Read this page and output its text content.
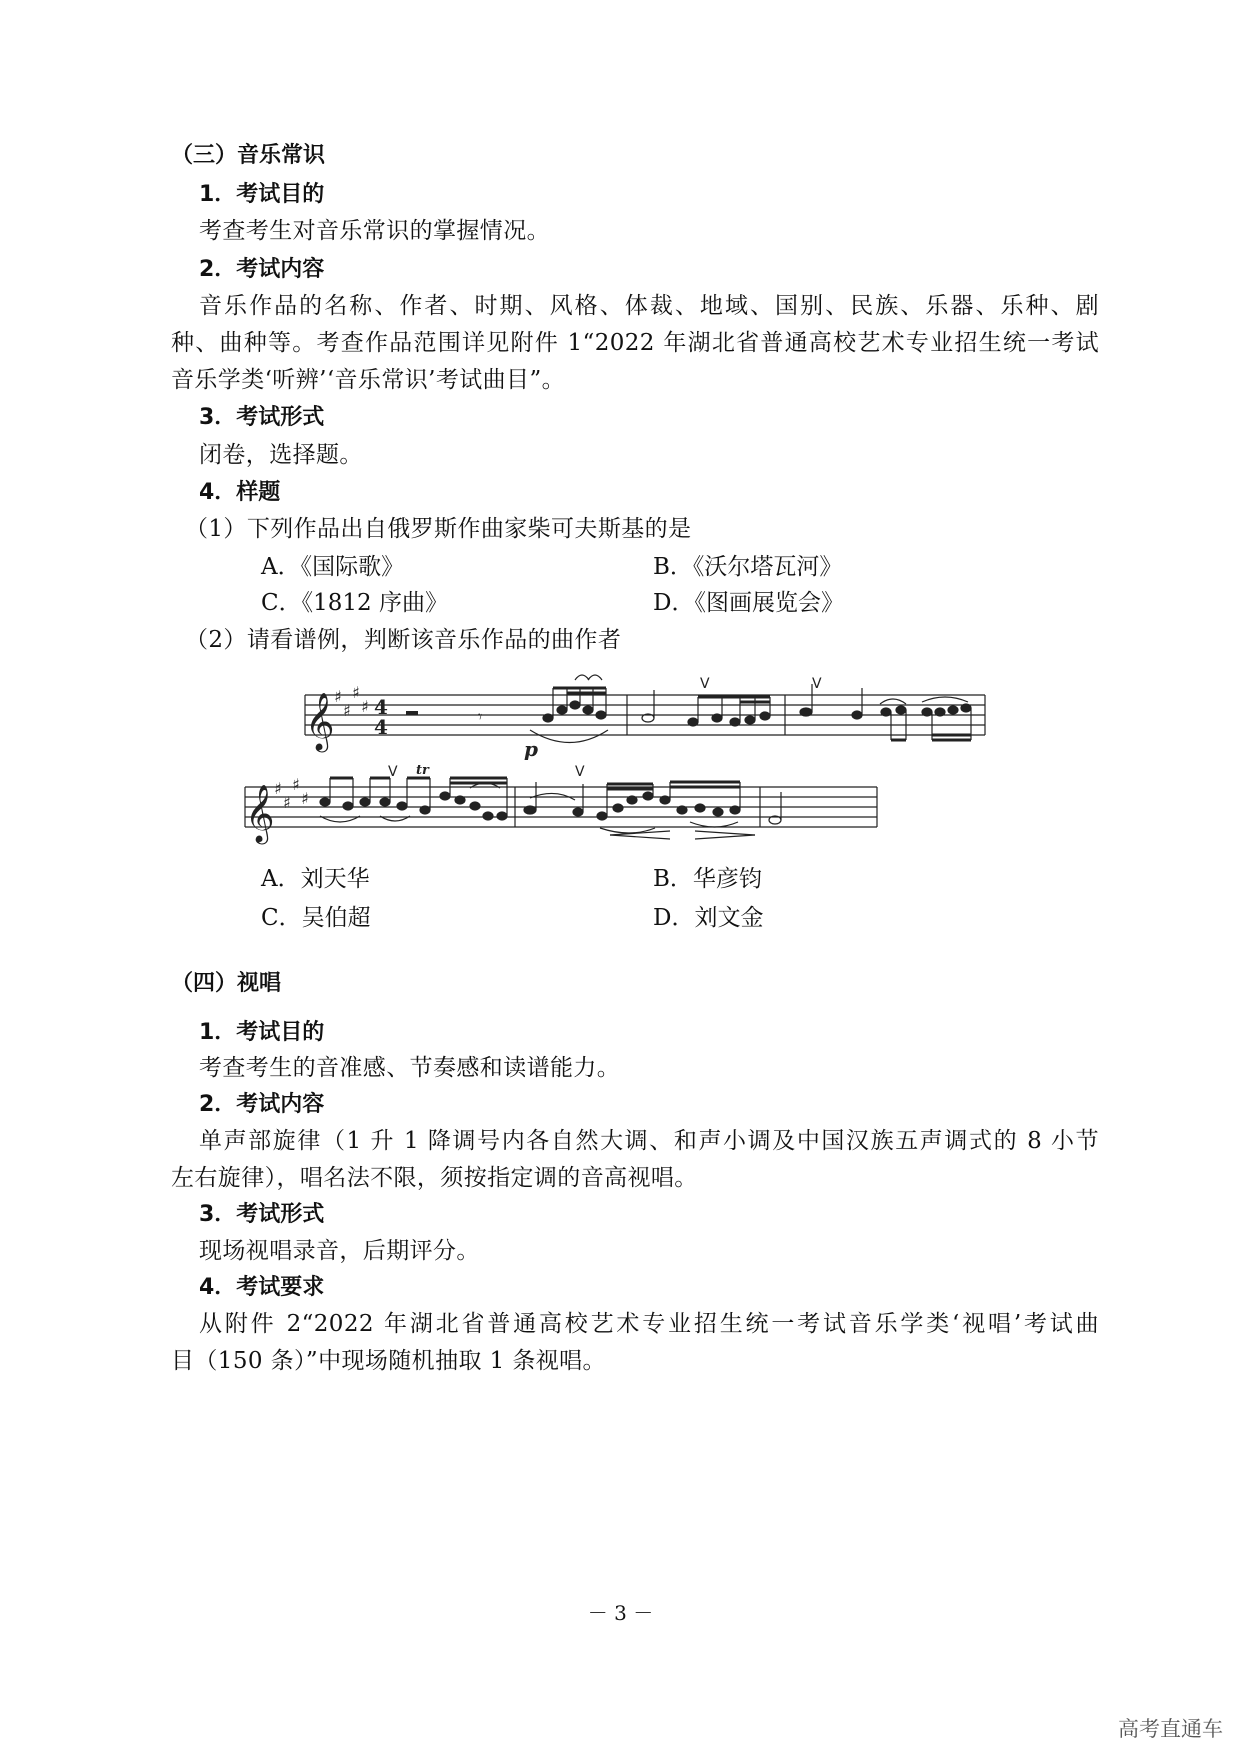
（三）音乐常识
1．考试目的
考查考生对音乐常识的掌握情况。
2．考试内容
音乐作品的名称、作者、时期、风格、体裁、地域、国别、民族、乐器、乐种、剧
种、曲种等。考查作品范围详见附件 1“2022 年湖北省普通高校艺术专业招生统一考试
音乐学类‘听辨’‘音乐常识’考试曲目”。
3．考试形式
闭卷，选择题。
4．样题
（1）下列作品出自俄罗斯作曲家柴可夫斯基的是
A．《国际歌》	B．《沃尔塔瓦河》
C．《1812 序曲》	D．《图画展览会》
（2）请看谱例，判断该音乐作品的曲作者
𝄞
𝄞
♯
♯
♯
♯
♯
♯
♯
♯
4
4	𝄾
p
V	V
V tr	V
A．刘天华	B．华彦钧
C．吴伯超	D．刘文金
（四）视唱
1．考试目的
考查考生的音准感、节奏感和读谱能力。
2．考试内容
单声部旋律（1 升 1 降调号内各自然大调、和声小调及中国汉族五声调式的 8 小节
左右旋律），唱名法不限，须按指定调的音高视唱。
3．考试形式
现场视唱录音，后期评分。
4．考试要求
从附件 2“2022 年湖北省普通高校艺术专业招生统一考试音乐学类‘视唱’考试曲
目（150 条）”中现场随机抽取 1 条视唱。
－ 3 －
高考直通车
